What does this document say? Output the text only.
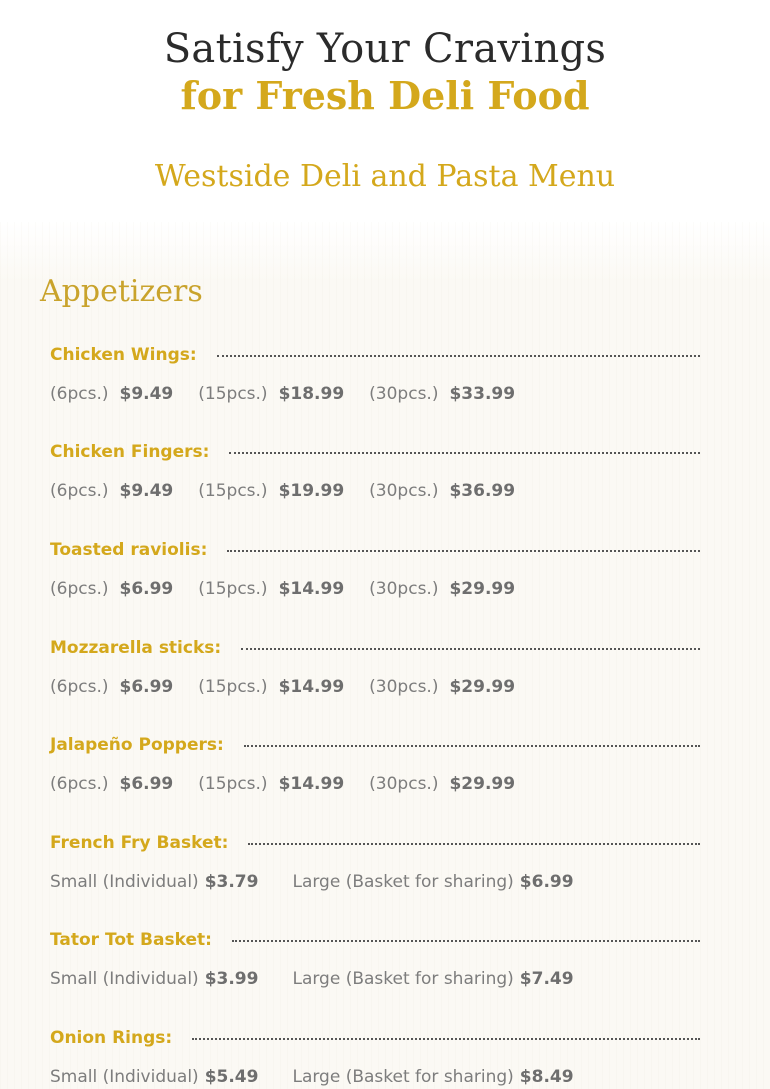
Satisfy Your Cravings
for Fresh Deli Food
Westside Deli and Pasta Menu
Appetizers
Chicken Wings:
(6pcs.) $9.49 (15pcs.) $18.99 (30pcs.) $33.99
Chicken Fingers:
(6pcs.) $9.49 (15pcs.) $19.99 (30pcs.) $36.99
Toasted raviolis:
(6pcs.) $6.99 (15pcs.) $14.99 (30pcs.) $29.99
Mozzarella sticks:
(6pcs.) $6.99 (15pcs.) $14.99 (30pcs.) $29.99
Jalapeño Poppers:
(6pcs.) $6.99 (15pcs.) $14.99 (30pcs.) $29.99
French Fry Basket:
Small (Individual) $3.79 Large (Basket for sharing) $6.99
Tator Tot Basket:
Small (Individual) $3.99 Large (Basket for sharing) $7.49
Onion Rings:
Small (Individual) $5.49 Large (Basket for sharing) $8.49
